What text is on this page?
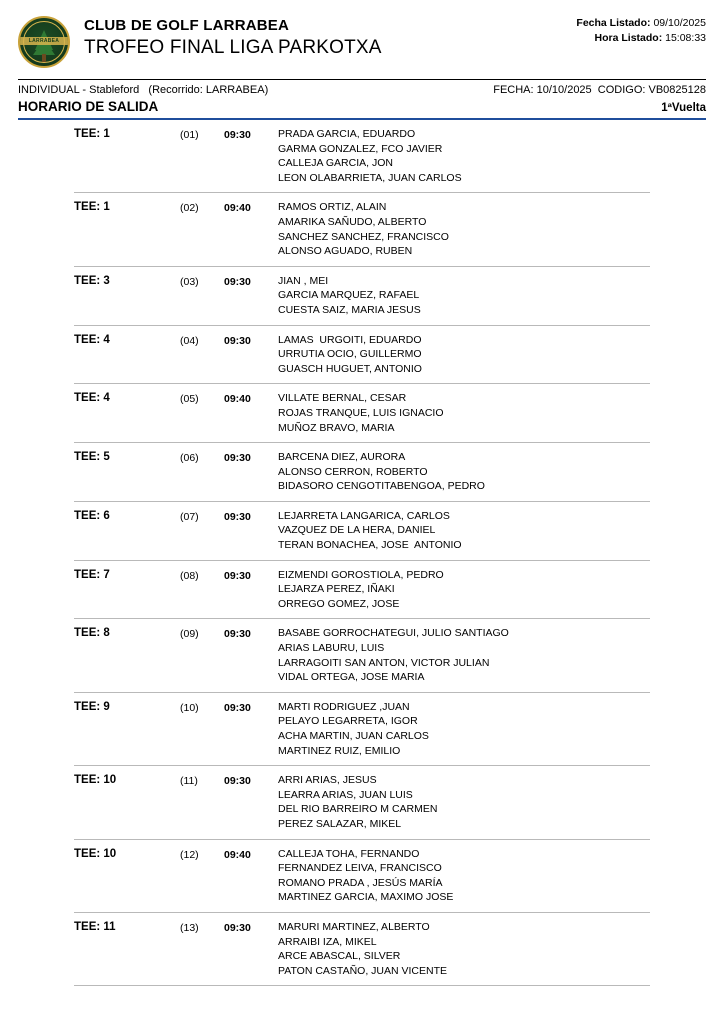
LARRABEA
CLUB DE GOLF LARRABEA
TROFEO FINAL LIGA PARKOTXA
Fecha Listado: 09/10/2025
Hora Listado: 15:08:33
INDIVIDUAL - Stableford   (Recorrido: LARRABEA)	FECHA: 10/10/2025  CODIGO: VB0825128
HORARIO DE SALIDA	1ªVuelta
TEE: 1	(01)	09:30	PRADA GARCIA, EDUARDO
GARMA GONZALEZ, FCO JAVIER
CALLEJA GARCIA, JON
LEON OLABARRIETA, JUAN CARLOS
TEE: 1	(02)	09:40	RAMOS ORTIZ, ALAIN
AMARIKA SAÑUDO, ALBERTO
SANCHEZ SANCHEZ, FRANCISCO
ALONSO AGUADO, RUBEN
TEE: 3	(03)	09:30	JIAN , MEI
GARCIA MARQUEZ, RAFAEL
CUESTA SAIZ, MARIA JESUS
TEE: 4	(04)	09:30	LAMAS  URGOITI, EDUARDO
URRUTIA OCIO, GUILLERMO
GUASCH HUGUET, ANTONIO
TEE: 4	(05)	09:40	VILLATE BERNAL, CESAR
ROJAS TRANQUE, LUIS IGNACIO
MUÑOZ BRAVO, MARIA
TEE: 5	(06)	09:30	BARCENA DIEZ, AURORA
ALONSO CERRON, ROBERTO
BIDASORO CENGOTITABENGOA, PEDRO
TEE: 6	(07)	09:30	LEJARRETA LANGARICA, CARLOS
VAZQUEZ DE LA HERA, DANIEL
TERAN BONACHEA, JOSE  ANTONIO
TEE: 7	(08)	09:30	EIZMENDI GOROSTIOLA, PEDRO
LEJARZA PEREZ, IÑAKI
ORREGO GOMEZ, JOSE
TEE: 8	(09)	09:30	BASABE GORROCHATEGUI, JULIO SANTIAGO
ARIAS LABURU, LUIS
LARRAGOITI SAN ANTON, VICTOR JULIAN
VIDAL ORTEGA, JOSE MARIA
TEE: 9	(10)	09:30	MARTI RODRIGUEZ ,JUAN
PELAYO LEGARRETA, IGOR
ACHA MARTIN, JUAN CARLOS
MARTINEZ RUIZ, EMILIO
TEE: 10	(11)	09:30	ARRI ARIAS, JESUS
LEARRA ARIAS, JUAN LUIS
DEL RIO BARREIRO M CARMEN
PEREZ SALAZAR, MIKEL
TEE: 10	(12)	09:40	CALLEJA TOHA, FERNANDO
FERNANDEZ LEIVA, FRANCISCO
ROMANO PRADA , JESÚS MARÍA
MARTINEZ GARCIA, MAXIMO JOSE
TEE: 11	(13)	09:30	MARURI MARTINEZ, ALBERTO
ARRAIBI IZA, MIKEL
ARCE ABASCAL, SILVER
PATON CASTAÑO, JUAN VICENTE
